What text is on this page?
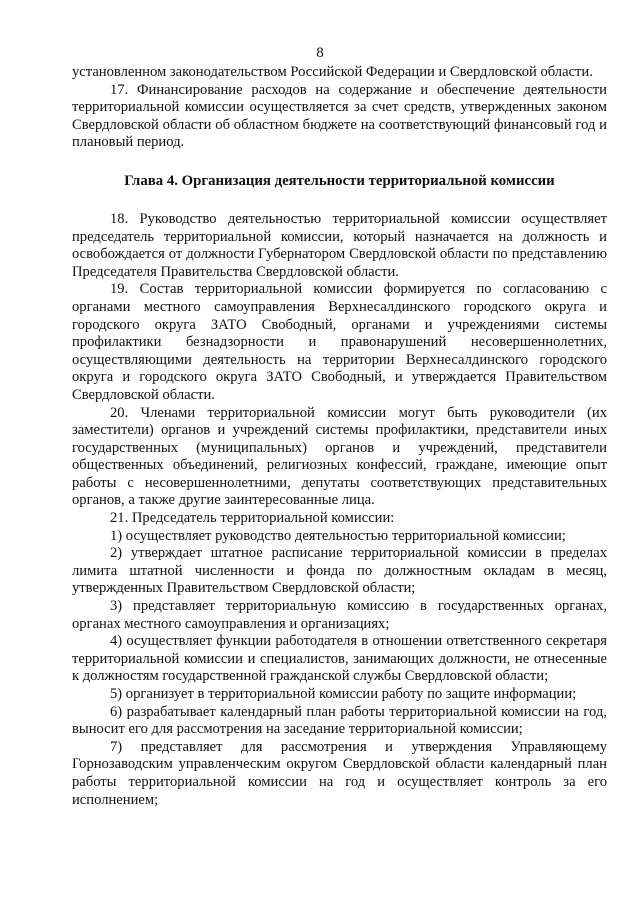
8

установленном законодательством Российской Федерации и Свердловской области.

17. Финансирование расходов на содержание и обеспечение деятельности территориальной комиссии осуществляется за счет средств, утвержденных законом Свердловской области об областном бюджете на соответствующий финансовый год и плановый период.

Глава 4. Организация деятельности территориальной комиссии

18. Руководство деятельностью территориальной комиссии осуществляет председатель территориальной комиссии, который назначается на должность и освобождается от должности Губернатором Свердловской области по представлению Председателя Правительства Свердловской области.

19. Состав территориальной комиссии формируется по согласованию с органами местного самоуправления Верхнесалдинского городского округа и городского округа ЗАТО Свободный, органами и учреждениями системы профилактики безнадзорности и правонарушений несовершеннолетних, осуществляющими деятельность на территории Верхнесалдинского городского округа и городского округа ЗАТО Свободный, и утверждается Правительством Свердловской области.

20. Членами территориальной комиссии могут быть руководители (их заместители) органов и учреждений системы профилактики, представители иных государственных (муниципальных) органов и учреждений, представители общественных объединений, религиозных конфессий, граждане, имеющие опыт работы с несовершеннолетними, депутаты соответствующих представительных органов, а также другие заинтересованные лица.

21. Председатель территориальной комиссии:

1) осуществляет руководство деятельностью территориальной комиссии;

2) утверждает штатное расписание территориальной комиссии в пределах лимита штатной численности и фонда по должностным окладам в месяц, утвержденных Правительством Свердловской области;

3) представляет территориальную комиссию в государственных органах, органах местного самоуправления и организациях;

4) осуществляет функции работодателя в отношении ответственного секретаря территориальной комиссии и специалистов, занимающих должности, не отнесенные к должностям государственной гражданской службы Свердловской области;

5) организует в территориальной комиссии работу по защите информации;

6) разрабатывает календарный план работы территориальной комиссии на год, выносит его для рассмотрения на заседание территориальной комиссии;

7) представляет для рассмотрения и утверждения Управляющему Горнозаводским управленческим округом Свердловской области календарный план работы территориальной комиссии на год и осуществляет контроль за его исполнением;
